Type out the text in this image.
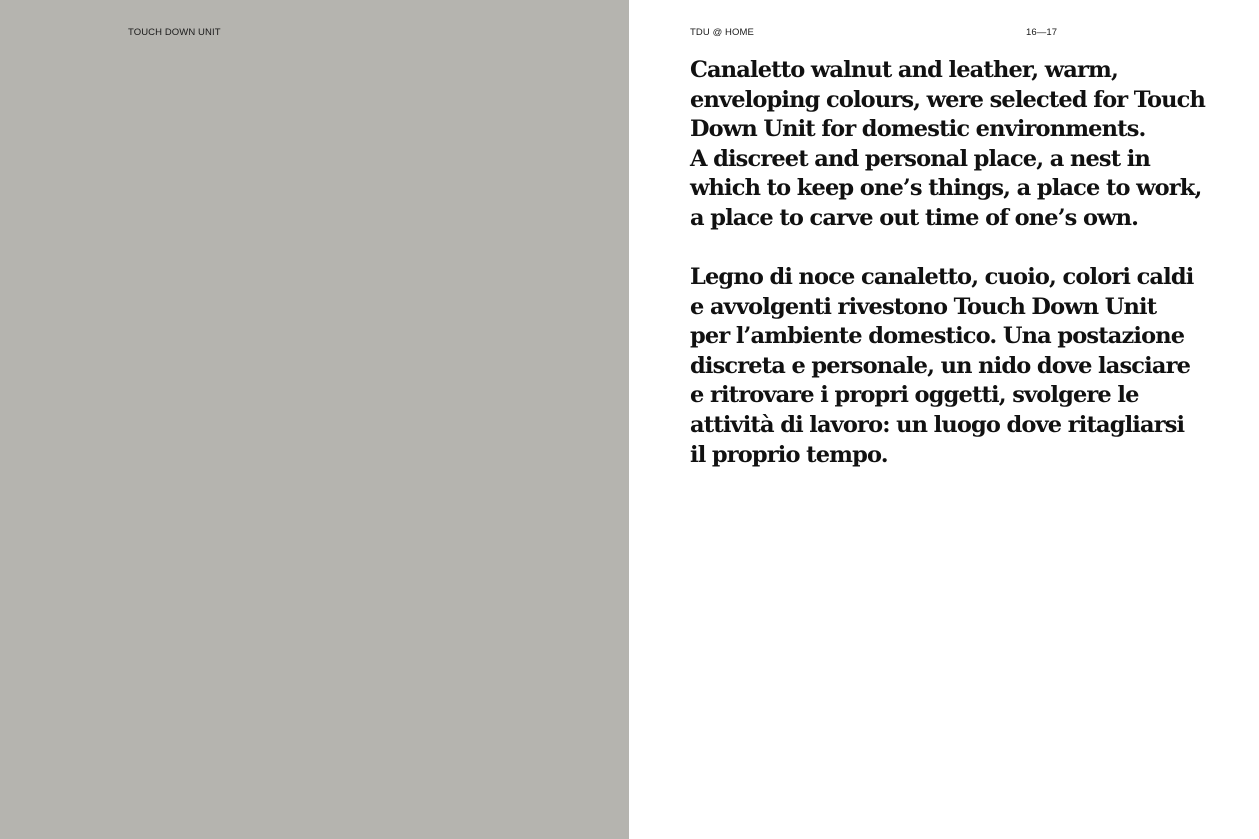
TOUCH DOWN UNIT	TDU @ HOME	16—17

Canaletto walnut and leather, warm,
enveloping colours, were selected for Touch
Down Unit for domestic environments.
A discreet and personal place, a nest in
which to keep one’s things, a place to work,
a place to carve out time of one’s own.

Legno di noce canaletto, cuoio, colori caldi
e avvolgenti rivestono Touch Down Unit
per l’ambiente domestico. Una postazione
discreta e personale, un nido dove lasciare
e ritrovare i propri oggetti, svolgere le
attività di lavoro: un luogo dove ritagliarsi
il proprio tempo.
